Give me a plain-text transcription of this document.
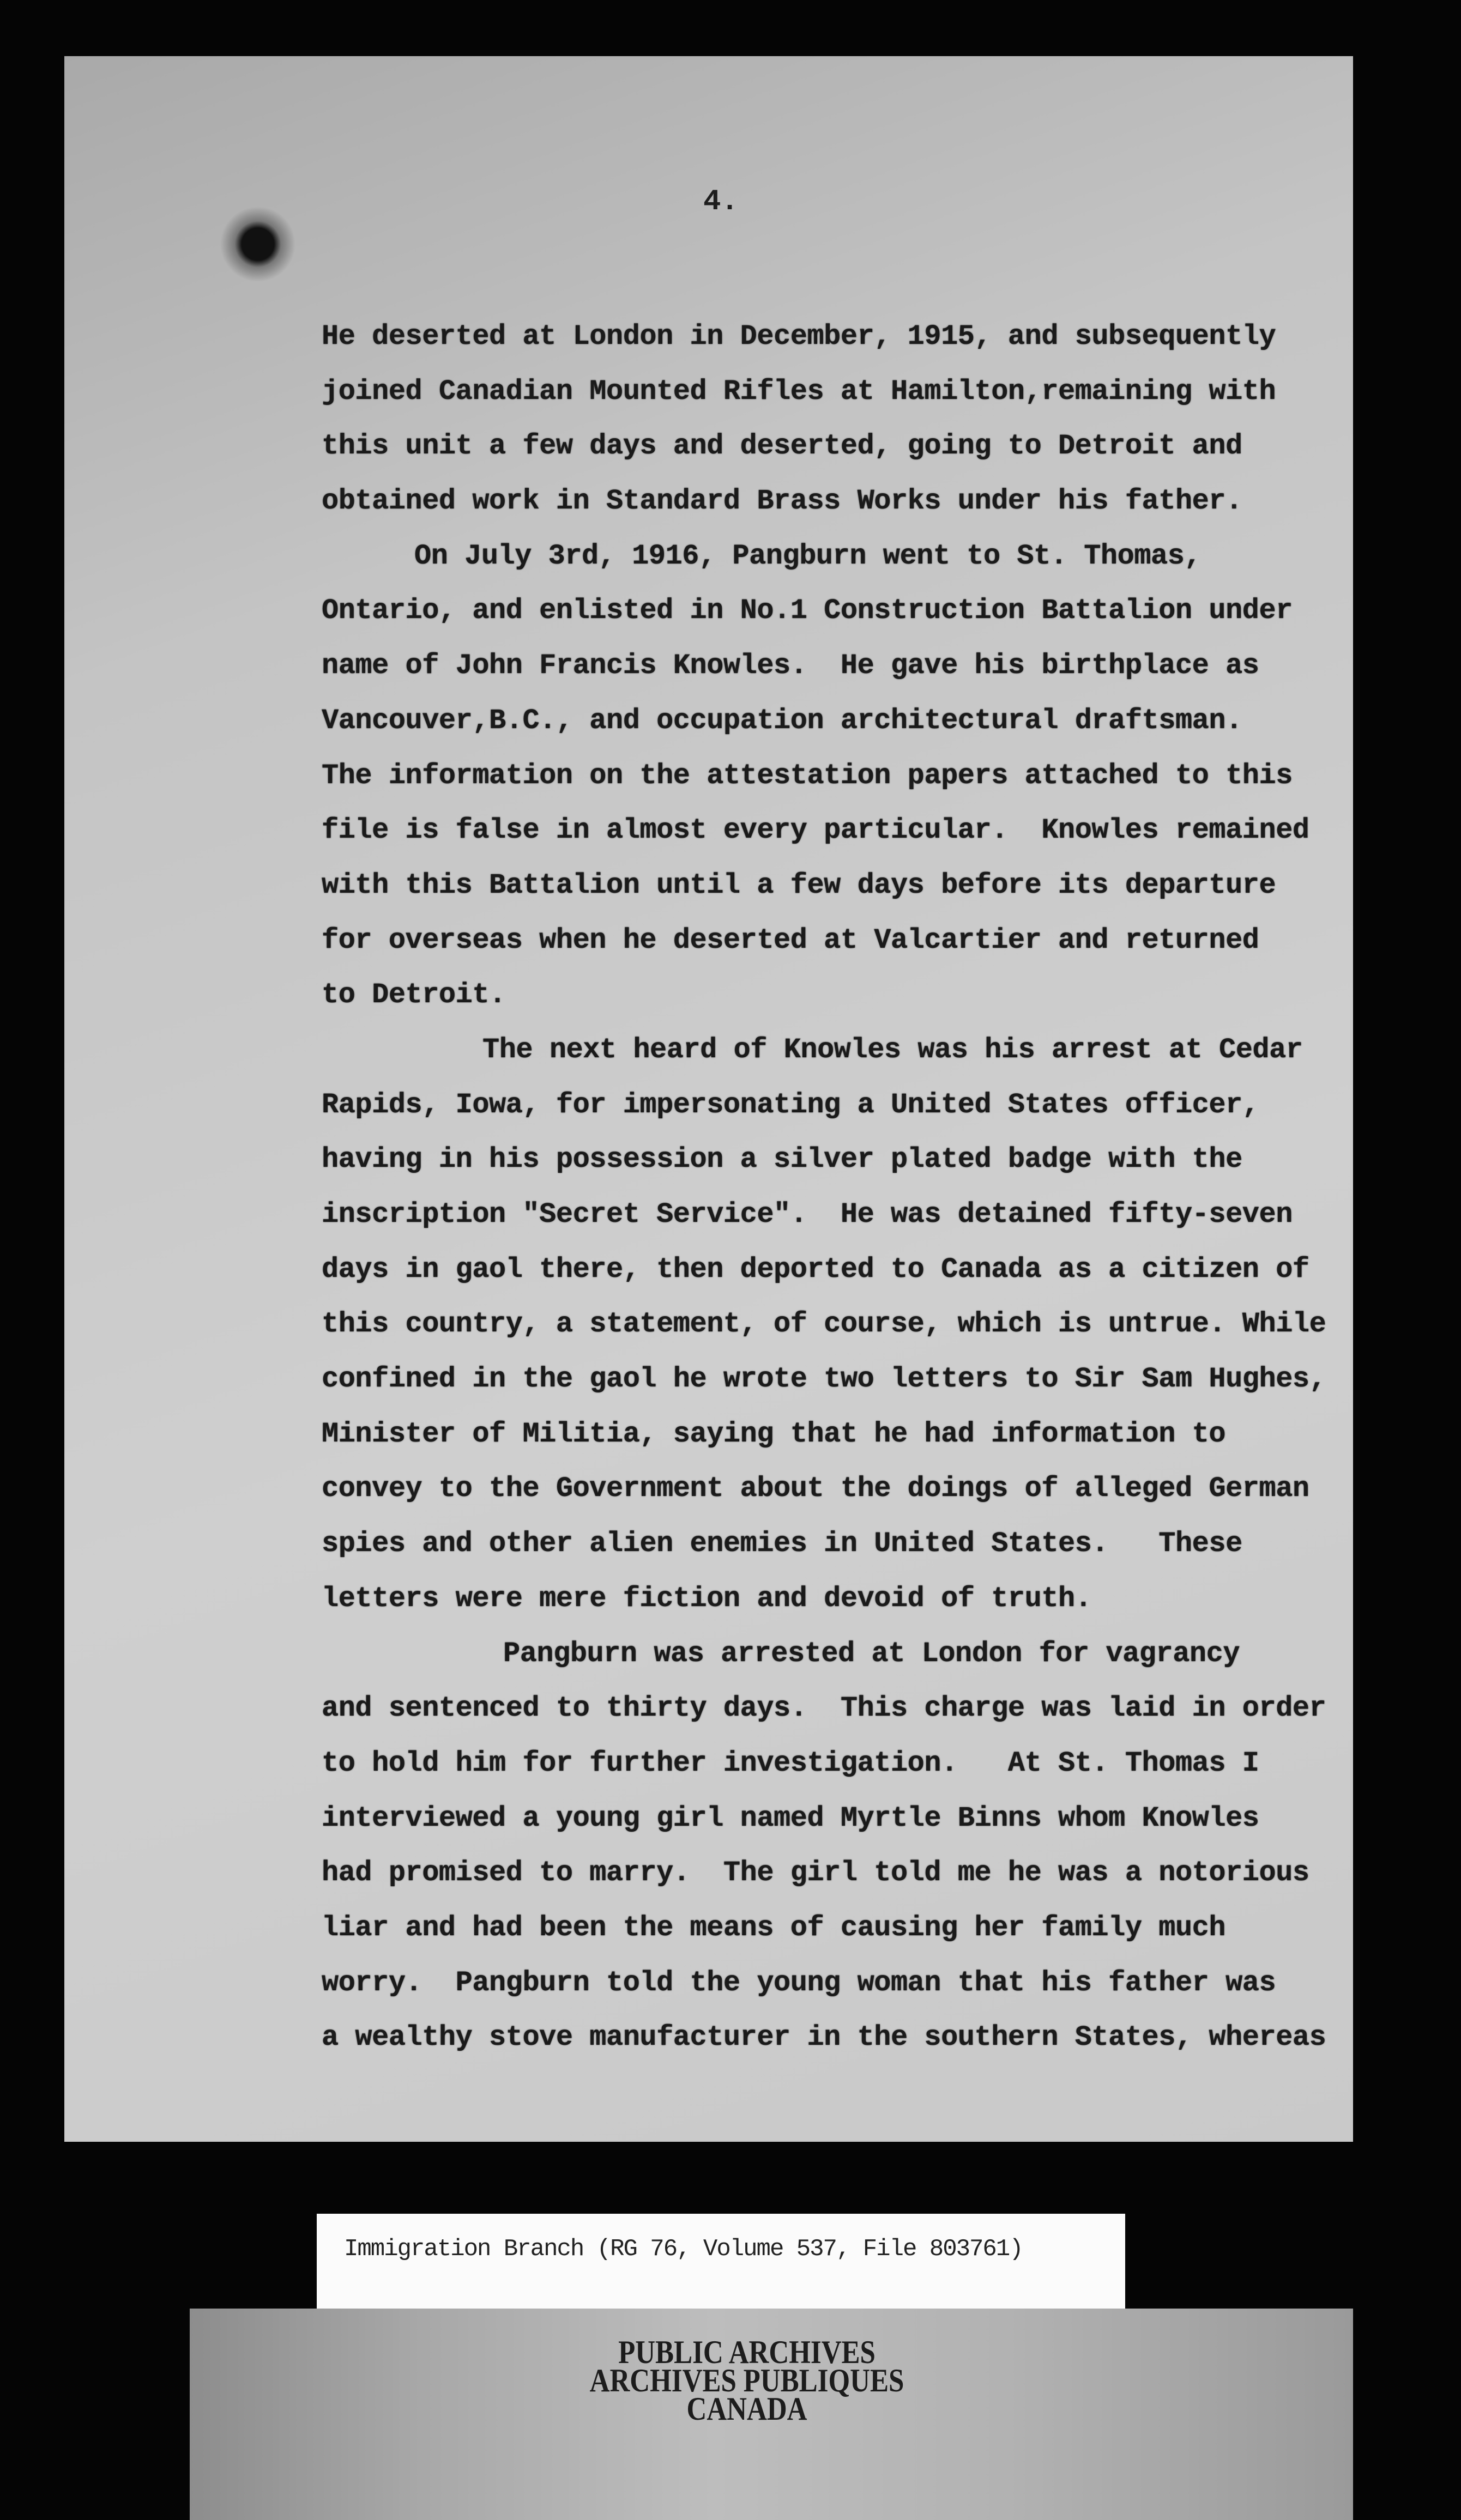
4.
He deserted at London in December, 1915, and subsequently
joined Canadian Mounted Rifles at Hamilton,remaining with
this unit a few days and deserted, going to Detroit and
obtained work in Standard Brass Works under his father.
On July 3rd, 1916, Pangburn went to St. Thomas,
Ontario, and enlisted in No.1 Construction Battalion under
name of John Francis Knowles.  He gave his birthplace as
Vancouver,B.C., and occupation architectural draftsman.
The information on the attestation papers attached to this
file is false in almost every particular.  Knowles remained
with this Battalion until a few days before its departure
for overseas when he deserted at Valcartier and returned
to Detroit.
The next heard of Knowles was his arrest at Cedar
Rapids, Iowa, for impersonating a United States officer,
having in his possession a silver plated badge with the
inscription "Secret Service".  He was detained fifty-seven
days in gaol there, then deported to Canada as a citizen of
this country, a statement, of course, which is untrue. While
confined in the gaol he wrote two letters to Sir Sam Hughes,
Minister of Militia, saying that he had information to
convey to the Government about the doings of alleged German
spies and other alien enemies in United States.   These
letters were mere fiction and devoid of truth.
Pangburn was arrested at London for vagrancy
and sentenced to thirty days.  This charge was laid in order
to hold him for further investigation.   At St. Thomas I
interviewed a young girl named Myrtle Binns whom Knowles
had promised to marry.  The girl told me he was a notorious
liar and had been the means of causing her family much
worry.  Pangburn told the young woman that his father was
a wealthy stove manufacturer in the southern States, whereas
Immigration Branch (RG 76, Volume 537, File 803761)
PUBLIC ARCHIVES
ARCHIVES PUBLIQUES
CANADA
